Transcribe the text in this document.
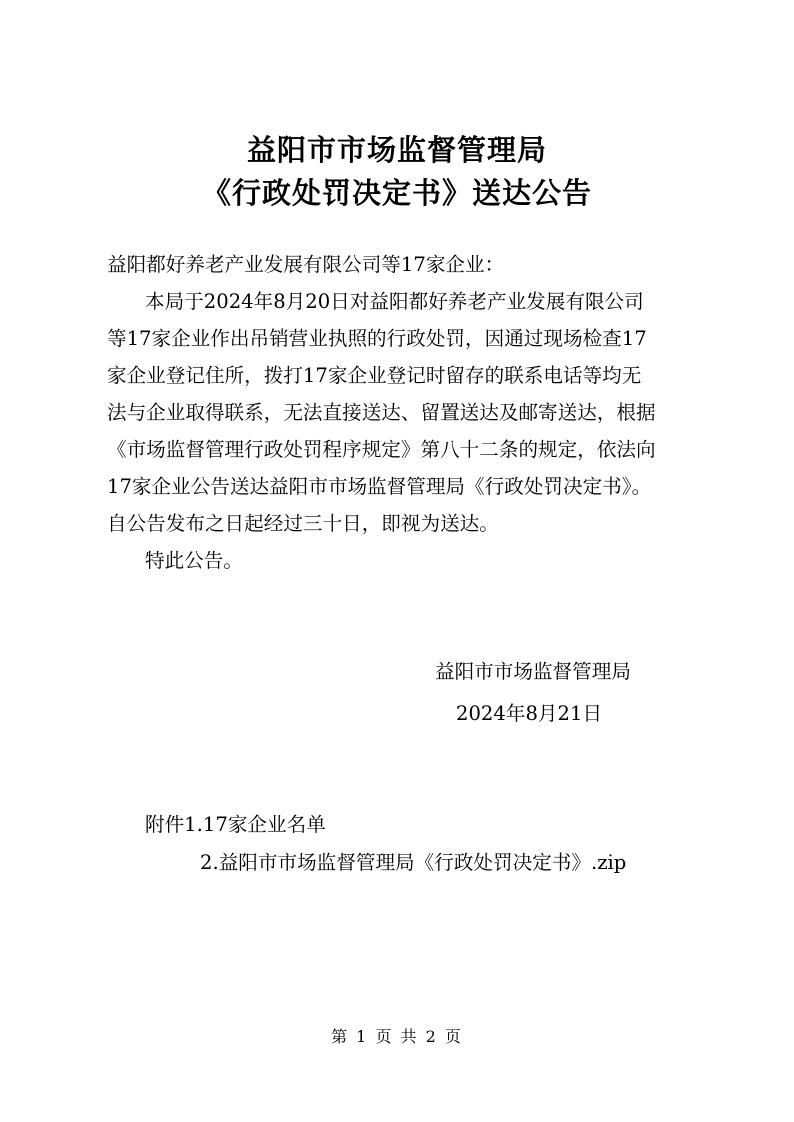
益阳市市场监督管理局
《行政处罚决定书》送达公告

益阳都好养老产业发展有限公司等17家企业：

本局于2024年8月20日对益阳都好养老产业发展有限公司

等17家企业作出吊销营业执照的行政处罚，因通过现场检查17

家企业登记住所，拨打17家企业登记时留存的联系电话等均无

法与企业取得联系，无法直接送达、留置送达及邮寄送达，根据

《市场监督管理行政处罚程序规定》第八十二条的规定，依法向

17家企业公告送达益阳市市场监督管理局《行政处罚决定书》。

自公告发布之日起经过三十日，即视为送达。

特此公告。

益阳市市场监督管理局

2024年8月21日

附件1.17家企业名单

2.益阳市市场监督管理局《行政处罚决定书》.zip

第 1 页 共 2 页
